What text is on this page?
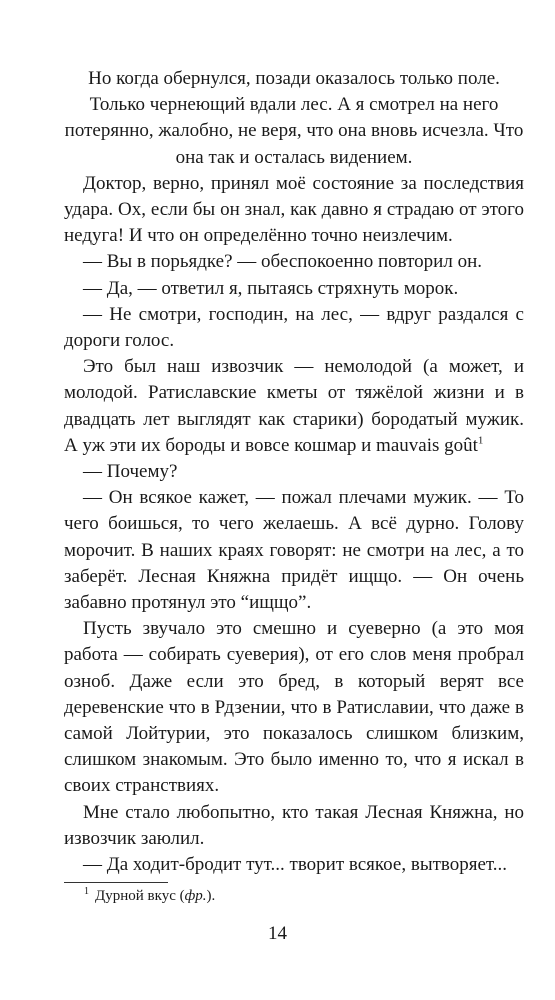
Но когда обернулся, позади оказалось только поле. Только чернеющий вдали лес. А я смотрел на него потерянно, жалобно, не веря, что она вновь исчезла. Что она так и осталась видением.

Доктор, верно, принял моё состояние за последствия удара. Ох, если бы он знал, как давно я страдаю от этого недуга! И что он определённо точно неизлечим.

— Вы в порьядке? — обеспокоенно повторил он.

— Да, — ответил я, пытаясь стряхнуть морок.

— Не смотри, господин, на лес, — вдруг раздался с дороги голос.

Это был наш извозчик — немолодой (а может, и молодой. Ратиславские кметы от тяжёлой жизни и в двадцать лет выглядят как старики) бородатый мужик. А уж эти их бороды и вовсе кошмар и mauvais goût$^1$

— Почему?

— Он всякое кажет, — пожал плечами мужик. — То чего боишься, то чего желаешь. А всё дурно. Голову морочит. В наших краях говорят: не смотри на лес, а то заберёт. Лесная Княжна придёт ищщо. — Он очень забавно протянул это “ищщо”.

Пусть звучало это смешно и суеверно (а это моя работа — собирать суеверия), от его слов меня пробрал озноб. Даже если это бред, в который верят все деревенские что в Рдзении, что в Ратиславии, что даже в самой Лойтурии, это показалось слишком близким, слишком знакомым. Это было именно то, что я искал в своих странствиях.

Мне стало любопытно, кто такая Лесная Княжна, но извозчик заюлил.

— Да ходит-бродит тут... творит всякое, вытворяет...

$^1$ Дурной вкус (фр.).
14
